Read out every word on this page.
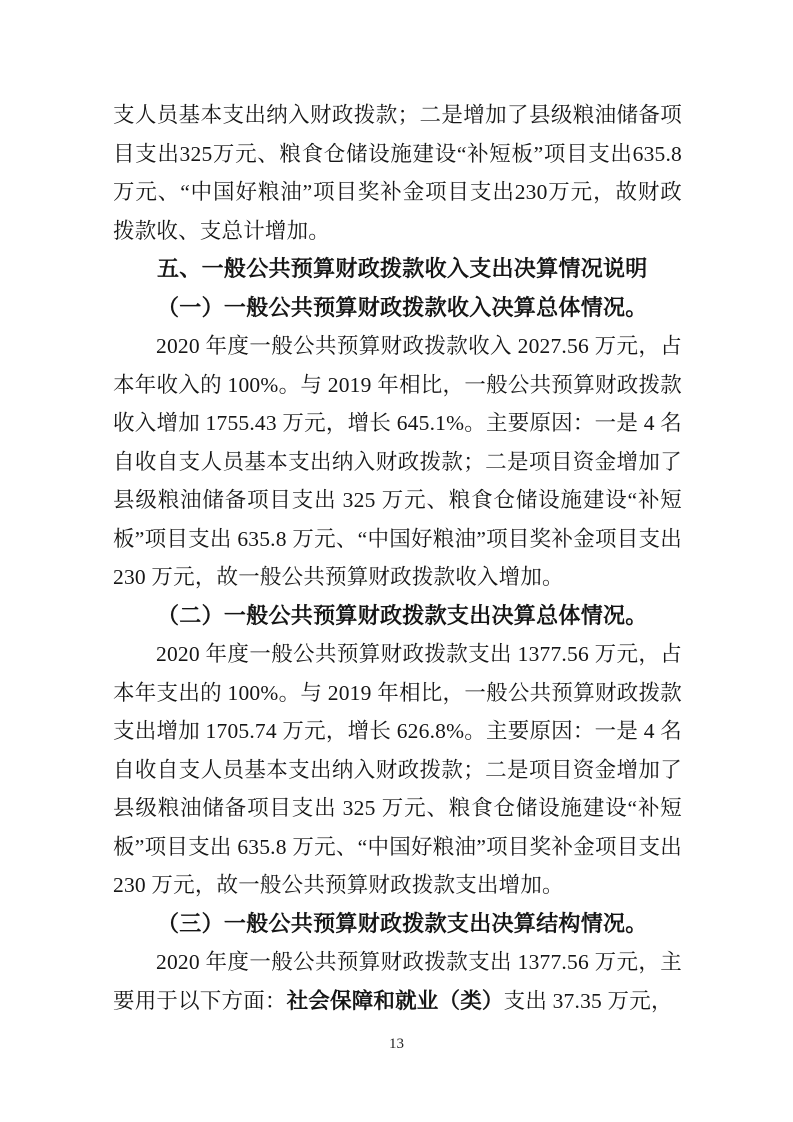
支人员基本支出纳入财政拨款；二是增加了县级粮油储备项目支出325万元、粮食仓储设施建设“补短板”项目支出635.8万元、“中国好粮油”项目奖补金项目支出230万元，故财政拨款收、支总计增加。

五、一般公共预算财政拨款收入支出决算情况说明

（一）一般公共预算财政拨款收入决算总体情况。

2020 年度一般公共预算财政拨款收入 2027.56 万元，占本年收入的 100%。与 2019 年相比，一般公共预算财政拨款收入增加 1755.43 万元，增长 645.1%。主要原因：一是 4 名自收自支人员基本支出纳入财政拨款；二是项目资金增加了县级粮油储备项目支出 325 万元、粮食仓储设施建设“补短板”项目支出 635.8 万元、“中国好粮油”项目奖补金项目支出 230 万元，故一般公共预算财政拨款收入增加。

（二）一般公共预算财政拨款支出决算总体情况。

2020 年度一般公共预算财政拨款支出 1377.56 万元，占本年支出的 100%。与 2019 年相比，一般公共预算财政拨款支出增加 1705.74 万元，增长 626.8%。主要原因：一是 4 名自收自支人员基本支出纳入财政拨款；二是项目资金增加了县级粮油储备项目支出 325 万元、粮食仓储设施建设“补短板”项目支出 635.8 万元、“中国好粮油”项目奖补金项目支出 230 万元，故一般公共预算财政拨款支出增加。

（三）一般公共预算财政拨款支出决算结构情况。

2020 年度一般公共预算财政拨款支出 1377.56 万元，主要用于以下方面：社会保障和就业（类）支出 37.35 万元，

13
